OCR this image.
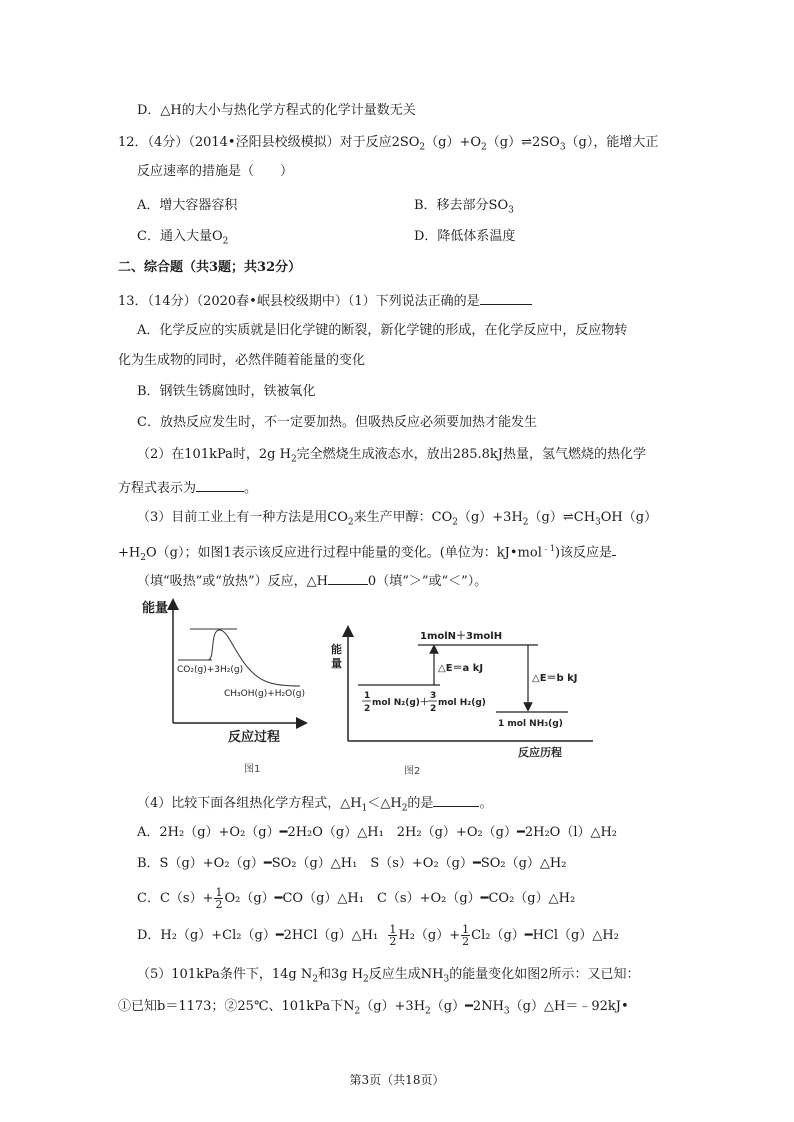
D．△H的大小与热化学方程式的化学计量数无关
12．（4分）（2014•泾阳县校级模拟）对于反应$2SO_2(g)+O_2(g)\rightleftharpoons 2SO_3(g)$，能增大正
反应速率的措施是（　　）
A．增大容器容积	B．移去部分$SO_3$
C．通入大量$O_2$	D．降低体系温度
二、综合题（共3题；共32分）
13．（14分）（2020春•岷县校级期中）（1）下列说法正确的是
A．化学反应的实质就是旧化学键的断裂，新化学键的形成，在化学反应中，反应物转
化为生成物的同时，必然伴随着能量的变化
B．钢铁生锈腐蚀时，铁被氧化
C．放热反应发生时，不一定要加热。但吸热反应必须要加热才能发生
（2）在101kPa时，2g $H_2$完全燃烧生成液态水，放出285.8kJ热量，氢气燃烧的热化学
方程式表示为	。
（3）目前工业上有一种方法是用$CO_2$来生产甲醇：$CO_2(g)+3H_2(g)\rightleftharpoons CH_3OH(g)$
$+H_2O(g)$；如图1表示该反应进行过程中能量的变化。(单位为：kJ•mol$^{﹣1}$)该反应是
（填“吸热”或“放热”）反应，△H	0（填“＞”或“＜”）。
能量
CO₂(g)+3H₂(g)
CH₃OH(g)+H₂O(g)
反应过程
图1
能
量
1molN＋3molH
△E＝a kJ
△E＝b kJ
1 mol NH₃(g)
1
2
mol N₂(g)＋
3
2
mol H₂(g)
反应历程
图2
（4）比较下面各组热化学方程式，$\triangle H_1<\triangle H_2$的是	。
A．2H₂（g）+O₂（g）━2H₂O（g）△H₁　2H₂（g）+O₂（g）━2H₂O（l）△H₂
B．S（g）+O₂（g）━SO₂（g）△H₁　S（s）+O₂（g）━SO₂（g）△H₂
C．$C(s)+ \frac{1}{2}$ O₂（g）━CO（g）△H₁　C（s）+O₂（g）━CO₂（g）△H₂
D．H₂（g）+Cl₂（g）━2HCl（g）△H₁ $\frac{1}{2} H_2(g)+ \frac{1}{2}$ Cl₂（g）━HCl（g）△H₂
（5）101kPa条件下，14g $N_2$和3g $H_2$反应生成$NH_3$的能量变化如图2所示：又已知：
①已知b＝1173；②25℃、101kPa下$N_2(g)+3H_2(g)━2NH_3(g)\triangle H=﹣92kJ•$
第3页（共18页）
